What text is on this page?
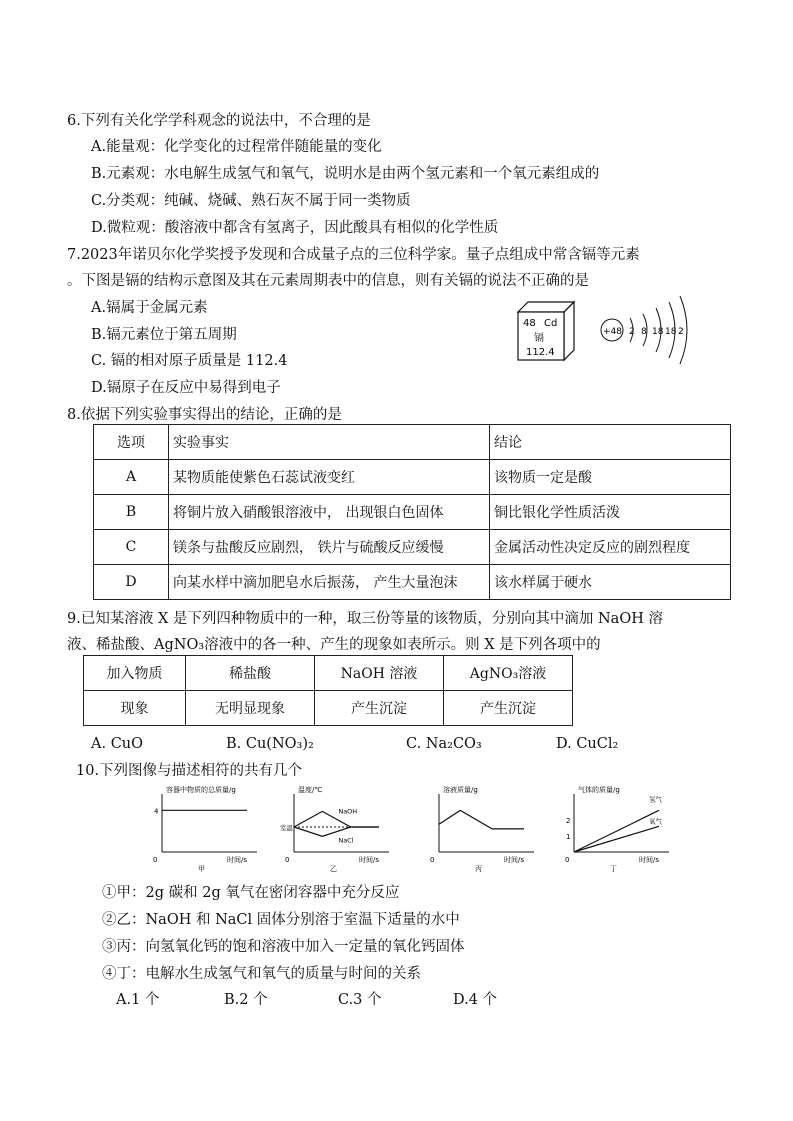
6.下列有关化学学科观念的说法中，不合理的是
A.能量观：化学变化的过程常伴随能量的变化
B.元素观：水电解生成氢气和氧气，说明水是由两个氢元素和一个氧元素组成的
C.分类观：纯碱、烧碱、熟石灰不属于同一类物质
D.微粒观：酸溶液中都含有氢离子，因此酸具有相似的化学性质
7.2023年诺贝尔化学奖授予发现和合成量子点的三位科学家。量子点组成中常含镉等元素
。下图是镉的结构示意图及其在元素周期表中的信息，则有关镉的说法不正确的是
A.镉属于金属元素
B.镉元素位于第五周期
C. 镉的相对原子质量是 112.4
D.镉原子在反应中易得到电子
48 Cd
镉
112.4
+48 2 8 18 18 2
8.依据下列实验事实得出的结论，正确的是
选项	实验事实	结论
A	某物质能使紫色石蕊试液变红	该物质一定是酸
B	将铜片放入硝酸银溶液中， 出现银白色固体	铜比银化学性质活泼
C	镁条与盐酸反应剧烈， 铁片与硫酸反应缓慢	金属活动性决定反应的剧烈程度
D	向某水样中滴加肥皂水后振荡， 产生大量泡沫	该水样属于硬水
9.已知某溶液 X 是下列四种物质中的一种，取三份等量的该物质，分别向其中滴加 NaOH 溶
液、稀盐酸、AgNO₃溶液中的各一种、产生的现象如表所示。则 X 是下列各项中的
加入物质	稀盐酸	NaOH 溶液	AgNO₃溶液
现象	无明显现象	产生沉淀	产生沉淀
A. CuO	B. Cu(NO₃)₂	C. Na₂CO₃	D. CuCl₂
10.下列图像与描述相符的共有几个
0
容器中物质的总质量/g
时间/s
甲
4
0
温度/℃
时间/s
乙
室温
NaOH
NaCl
0
溶液质量/g
时间/s
丙
0
气体的质量/g
时间/s
丁
1
2
氢气
氧气
①甲：2g 碳和 2g 氧气在密闭容器中充分反应
②乙：NaOH 和 NaCl 固体分别溶于室温下适量的水中
③丙：向氢氧化钙的饱和溶液中加入一定量的氧化钙固体
④丁：电解水生成氢气和氧气的质量与时间的关系
A.1 个	B.2 个	C.3 个	D.4 个
